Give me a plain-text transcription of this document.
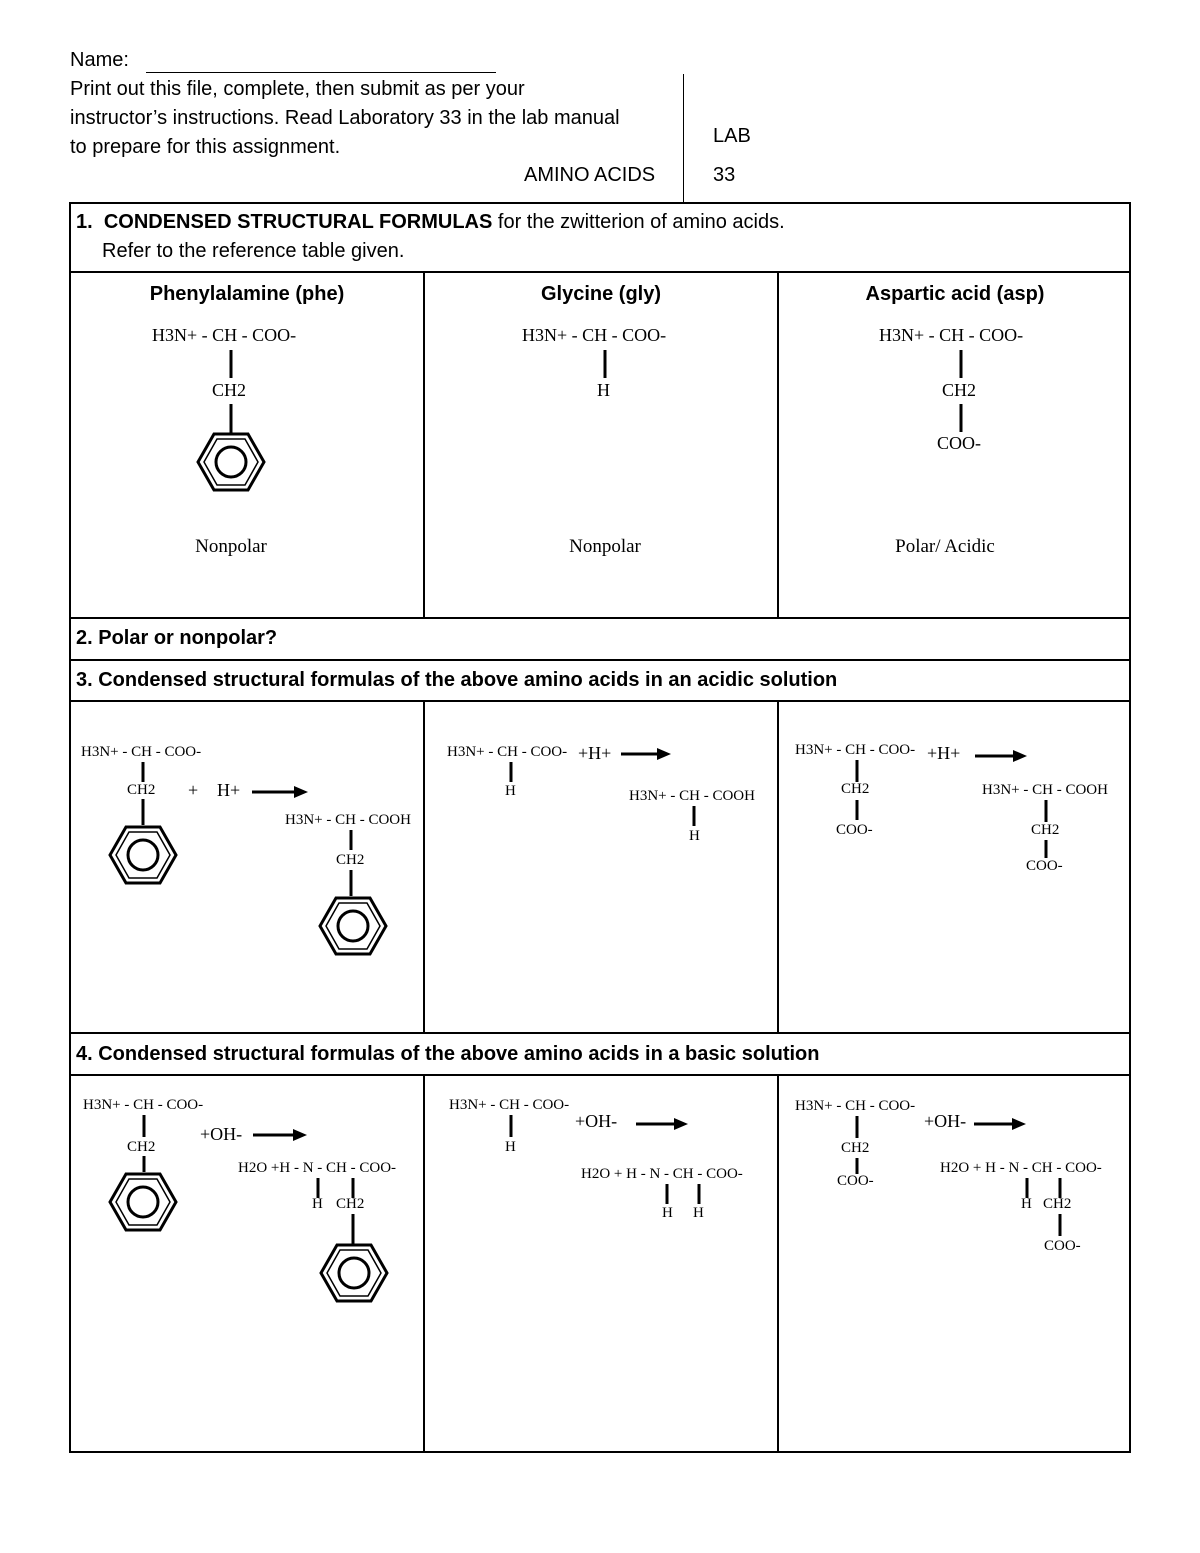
Name:
Print out this file, complete, then submit as per your
instructor’s instructions. Read Laboratory 33 in the lab manual
to prepare for this assignment.
AMINO ACIDS
LAB
33
1. CONDENSED STRUCTURAL FORMULAS for the zwitterion of amino acids.
Refer to the reference table given.
Phenylalamine (phe)	Glycine (gly)	Aspartic acid (asp)
H3N+ - CH - COO-
CH2
Nonpolar
H3N+ - CH - COO-
H
Nonpolar
H3N+ - CH - COO-
CH2
COO-
Polar/ Acidic
2. Polar or nonpolar?
3. Condensed structural formulas of the above amino acids in an acidic solution
H3N+ - CH - COO-
CH2 + H+
H3N+ - CH - COOH
CH2
H3N+ - CH - COO- +H+
H	H3N+ - CH - COOH
H
H3N+ - CH - COO- +H+
CH2
COO-
H3N+ - CH - COOH
CH2
COO-
4. Condensed structural formulas of the above amino acids in a basic solution
H3N+ - CH - COO-
CH2
+OH-
H2O +H - N - CH - COO-
H CH2
H3N+ - CH - COO-
+OH-
H
H2O + H - N - CH - COO-
H H
H3N+ - CH - COO-
+OH-
CH2
COO-
H2O + H - N - CH - COO-
H CH2
COO-
